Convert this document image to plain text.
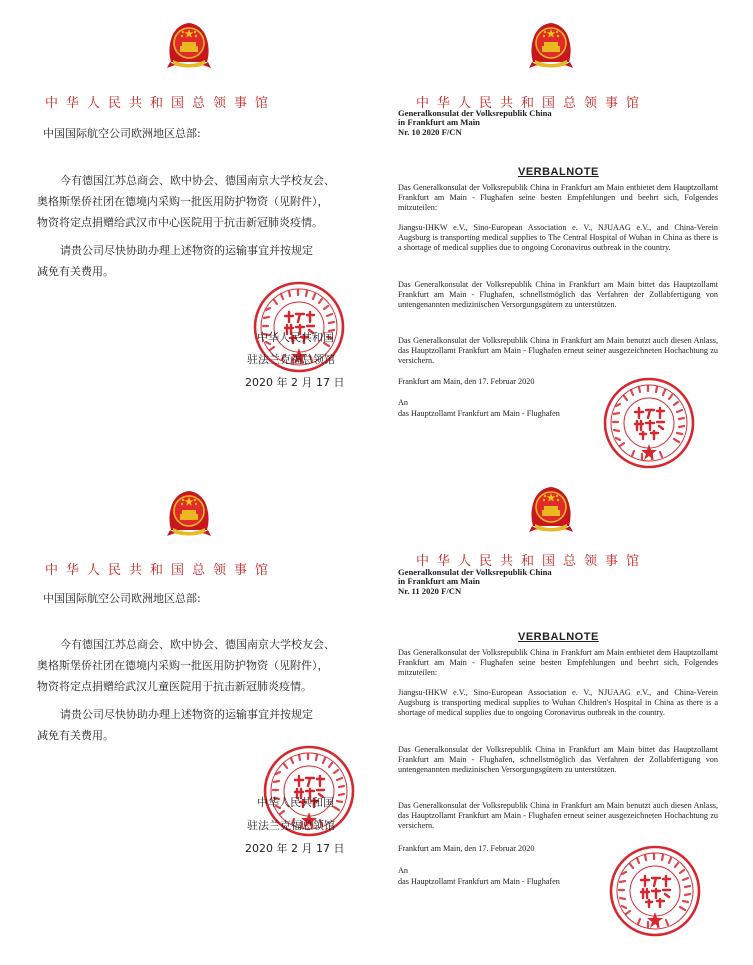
中华人民共和国总领事馆
中国国际航空公司欧洲地区总部:
今有德国江苏总商会、欧中协会、德国南京大学校友会、
奥格斯堡侨社团在德境内采购一批医用防护物资（见附件），
物资将定点捐赠给武汉市中心医院用于抗击新冠肺炎疫情。
请贵公司尽快协助办理上述物资的运输事宜并按规定
减免有关费用。
中华人民共和国
驻法兰克福总领馆
2020 年 2 月 17 日
中华人民共和国总领事馆
Generalkonsulat der Volksrepublik China
in Frankfurt am Main
Nr. 10 2020 F/CN
VERBALNOTE
Das Generalkonsulat der Volksrepublik China in Frankfurt am Main entbietet dem Hauptzollamt Frankfurt am Main - Flughafen seine besten Empfehlungen und beehrt sich, Folgendes mitzuteilen:
Jiangsu-IHKW e.V., Sino-European Association e. V., NJUAAG e.V., and China-Verein Augsburg is transporting medical supplies to The Central Hospital of Wuhan in China as there is a shortage of medical supplies due to ongoing Coronavirus outbreak in the country.
Das Generalkonsulat der Volksrepublik China in Frankfurt am Main bittet das Hauptzollamt Frankfurt am Main - Flughafen, schnellstmöglich das Verfahren der Zollabfertigung von untengenannten medizinischen Versorgungsgütern zu unterstützen.
Das Generalkonsulat der Volksrepublik China in Frankfurt am Main benutzt auch diesen Anlass, das Hauptzollamt Frankfurt am Main - Flughafen erneut seiner ausgezeichneten Hochachtung zu versichern.
Frankfurt am Main, den 17. Februar 2020
An
das Hauptzollamt Frankfurt am Main - Flughafen
中华人民共和国总领事馆
中国国际航空公司欧洲地区总部:
今有德国江苏总商会、欧中协会、德国南京大学校友会、
奥格斯堡侨社团在德境内采购一批医用防护物资（见附件），
物资将定点捐赠给武汉儿童医院用于抗击新冠肺炎疫情。
请贵公司尽快协助办理上述物资的运输事宜并按规定
减免有关费用。
中华人民共和国
驻法兰克福总领馆
2020 年 2 月 17 日
中华人民共和国总领事馆
Generalkonsulat der Volksrepublik China
in Frankfurt am Main
Nr. 11 2020 F/CN
VERBALNOTE
Das Generalkonsulat der Volksrepublik China in Frankfurt am Main entbietet dem Hauptzollamt Frankfurt am Main - Flughafen seine besten Empfehlungen und beehrt sich, Folgendes mitzuteilen:
Jiangsu-IHKW e.V., Sino-European Association e. V., NJUAAG e.V., and China-Verein Augsburg is transporting medical supplies to Wuhan Children's Hospital in China as there is a shortage of medical supplies due to ongoing Coronavirus outbreak in the country.
Das Generalkonsulat der Volksrepublik China in Frankfurt am Main bittet das Hauptzollamt Frankfurt am Main - Flughafen, schnellstmöglich das Verfahren der Zollabfertigung von untengenannten medizinischen Versorgungsgütern zu unterstützen.
Das Generalkonsulat der Volksrepublik China in Frankfurt am Main benutzt auch diesen Anlass, das Hauptzollamt Frankfurt am Main - Flughafen erneut seiner ausgezeichneten Hochachtung zu versichern.
Frankfurt am Main, den 17. Februar 2020
An
das Hauptzollamt Frankfurt am Main - Flughafen
